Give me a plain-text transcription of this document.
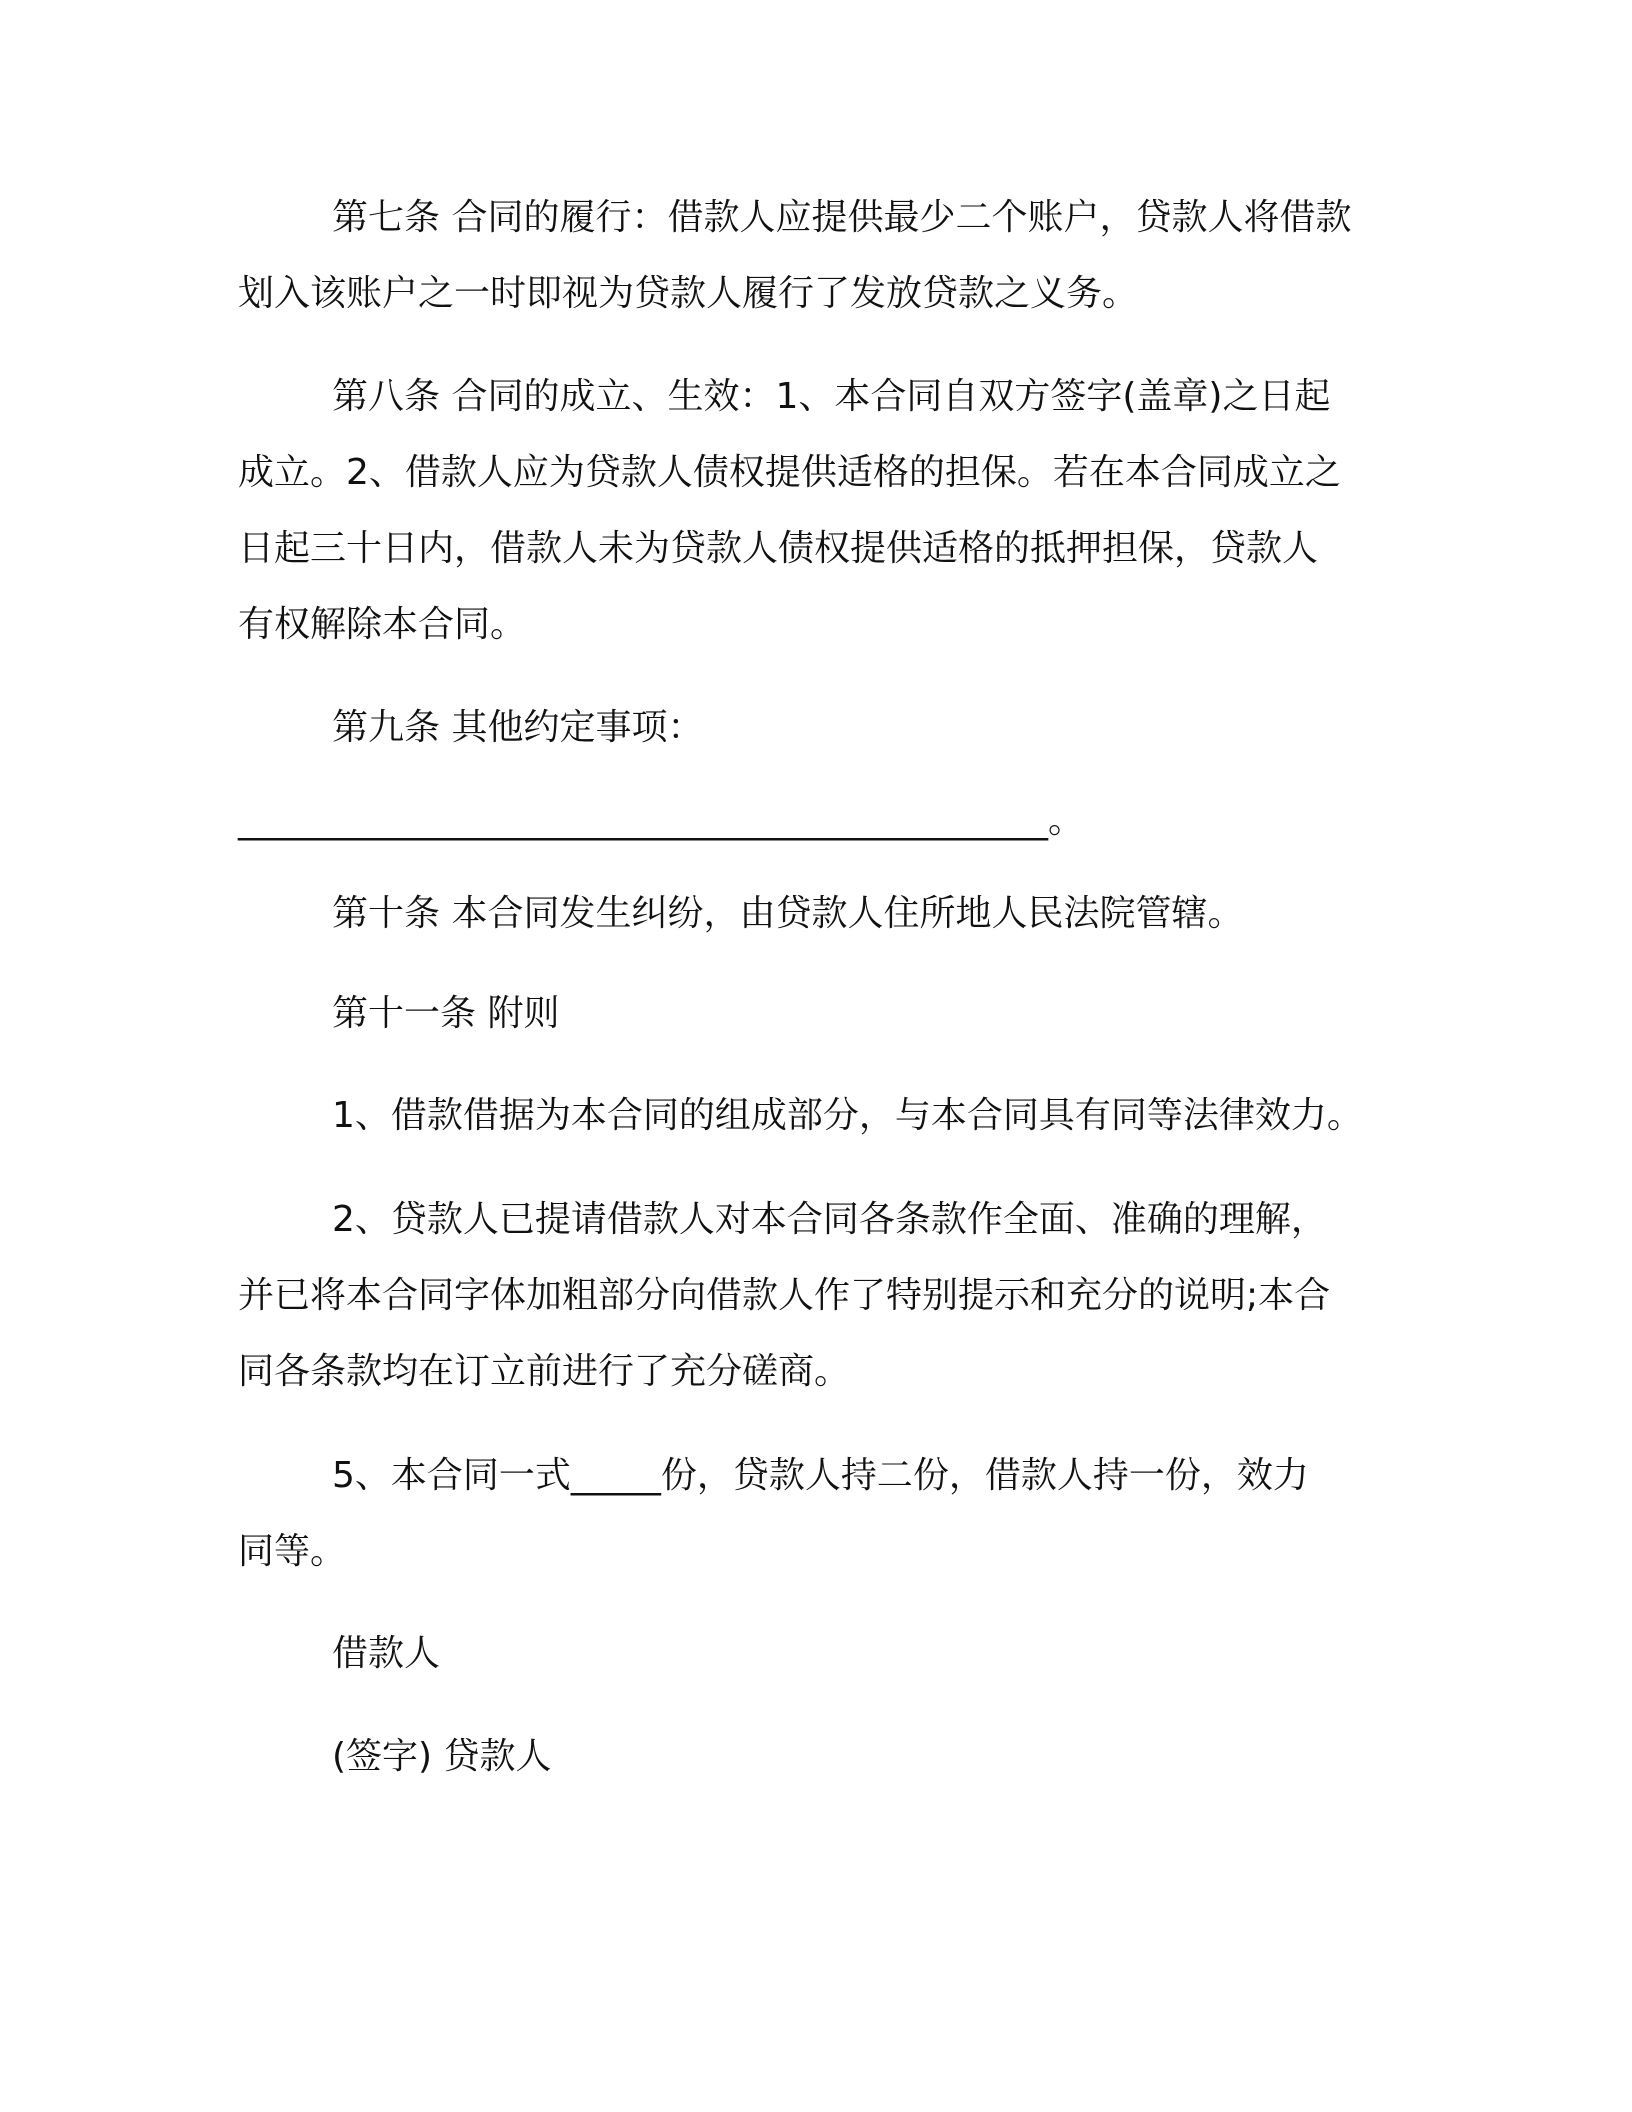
第七条 合同的履行：借款人应提供最少二个账户，贷款人将借款
划入该账户之一时即视为贷款人履行了发放贷款之义务。
第八条 合同的成立、生效：1、本合同自双方签字(盖章)之日起
成立。2、借款人应为贷款人债权提供适格的担保。若在本合同成立之
日起三十日内，借款人未为贷款人债权提供适格的抵押担保，贷款人
有权解除本合同。
第九条 其他约定事项：
_____________________________________________。
第十条 本合同发生纠纷，由贷款人住所地人民法院管辖。
第十一条 附则
1、借款借据为本合同的组成部分，与本合同具有同等法律效力。
2、贷款人已提请借款人对本合同各条款作全面、准确的理解，
并已将本合同字体加粗部分向借款人作了特别提示和充分的说明;本合
同各条款均在订立前进行了充分磋商。
5、本合同一式_____份，贷款人持二份，借款人持一份，效力
同等。
借款人
(签字) 贷款人
